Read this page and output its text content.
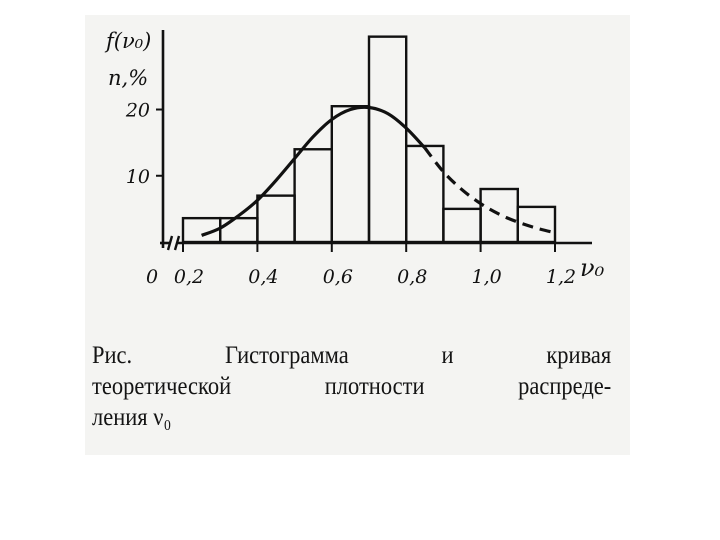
0,2 0,4 0,6 0,8 1,0 1,2
0
10
20
f(ν₀)
n,%
ν₀
Рис.	Гистограмма	и	кривая
теоретической	плотности	распреде-
ления ν₀
